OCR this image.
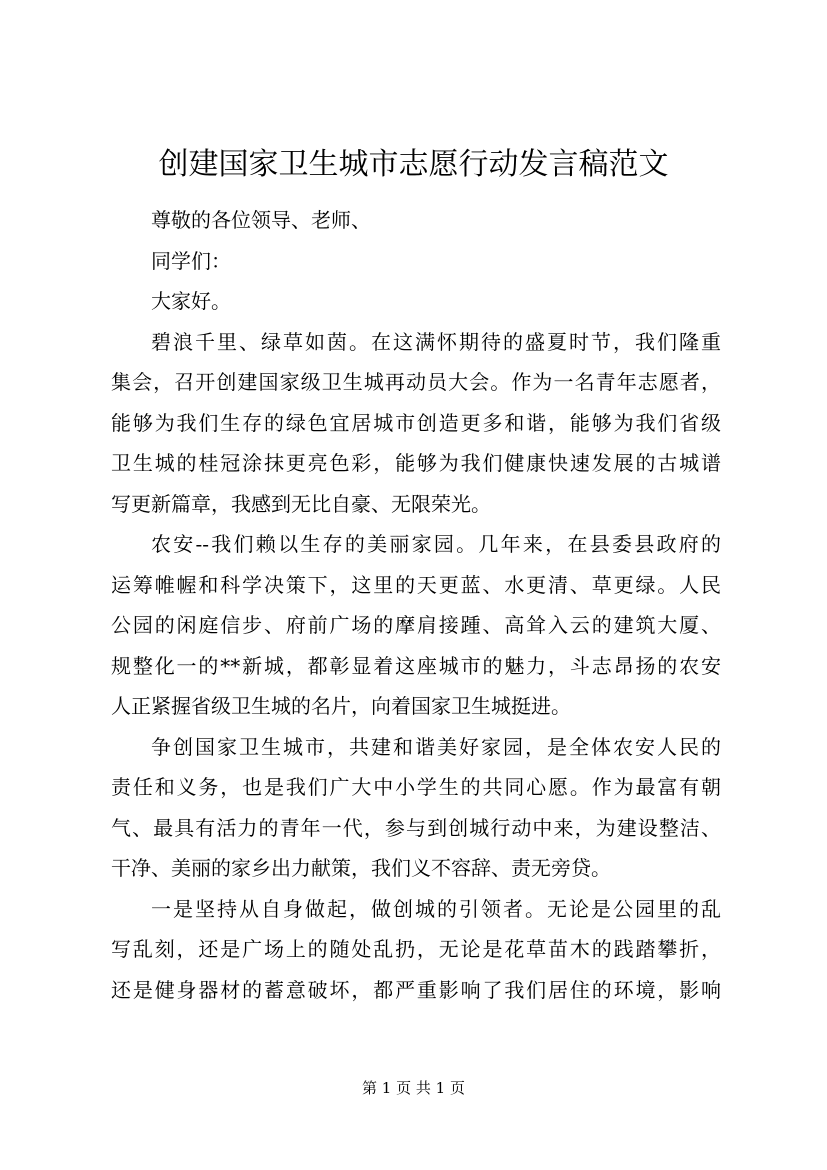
创建国家卫生城市志愿行动发言稿范文
尊敬的各位领导、老师、
同学们：
大家好。
碧浪千里、绿草如茵。在这满怀期待的盛夏时节，我们隆重
集会，召开创建国家级卫生城再动员大会。作为一名青年志愿者，
能够为我们生存的绿色宜居城市创造更多和谐，能够为我们省级
卫生城的桂冠涂抹更亮色彩，能够为我们健康快速发展的古城谱
写更新篇章，我感到无比自豪、无限荣光。
农安--我们赖以生存的美丽家园。几年来，在县委县政府的
运筹帷幄和科学决策下，这里的天更蓝、水更清、草更绿。人民
公园的闲庭信步、府前广场的摩肩接踵、高耸入云的建筑大厦、
规整化一的**新城，都彰显着这座城市的魅力，斗志昂扬的农安
人正紧握省级卫生城的名片，向着国家卫生城挺进。
争创国家卫生城市，共建和谐美好家园，是全体农安人民的
责任和义务，也是我们广大中小学生的共同心愿。作为最富有朝
气、最具有活力的青年一代，参与到创城行动中来，为建设整洁、
干净、美丽的家乡出力献策，我们义不容辞、责无旁贷。
一是坚持从自身做起，做创城的引领者。无论是公园里的乱
写乱刻，还是广场上的随处乱扔，无论是花草苗木的践踏攀折，
还是健身器材的蓄意破坏，都严重影响了我们居住的环境，影响
第 1 页 共 1 页
